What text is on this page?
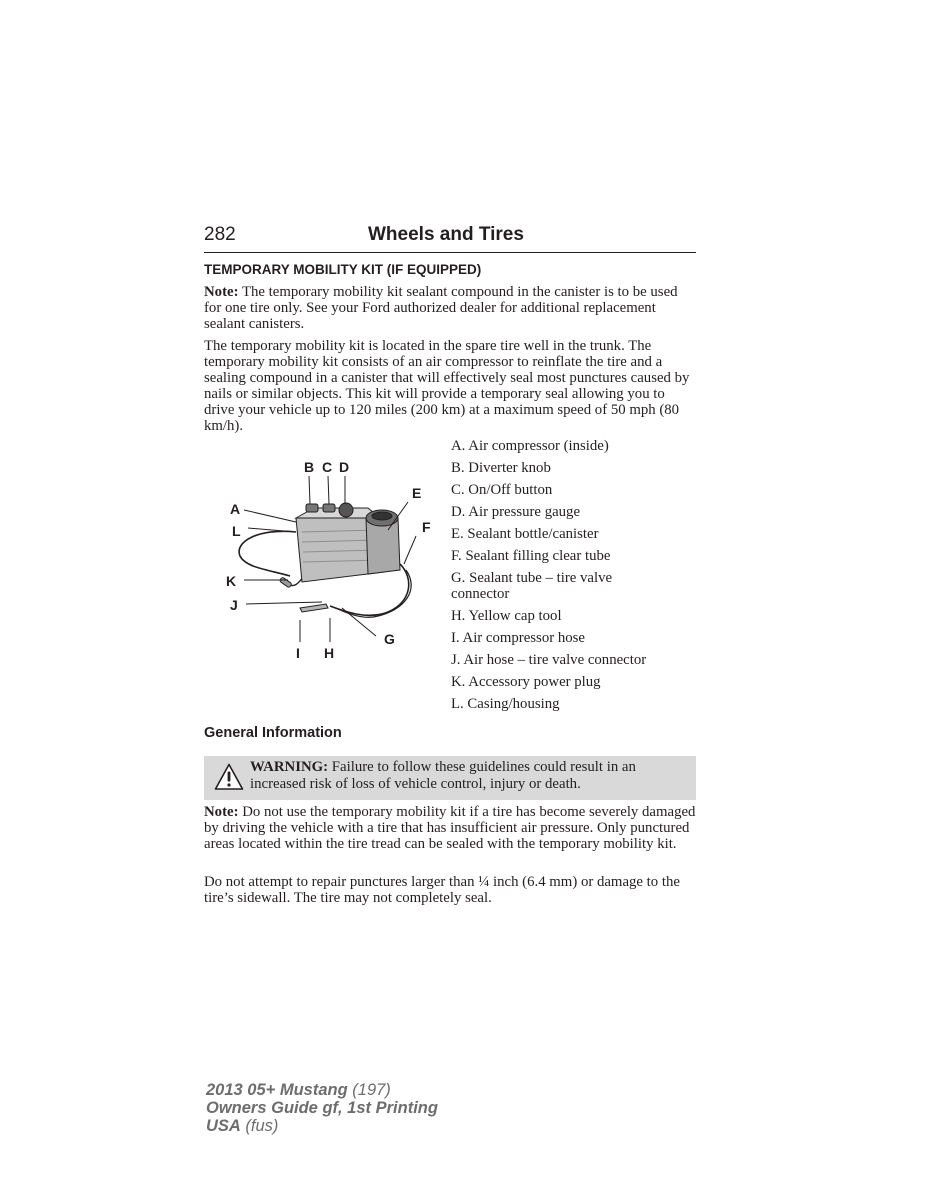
282	Wheels and Tires
TEMPORARY MOBILITY KIT (IF EQUIPPED)
Note: The temporary mobility kit sealant compound in the canister is to be used for one tire only. See your Ford authorized dealer for additional replacement sealant canisters.
The temporary mobility kit is located in the spare tire well in the trunk. The temporary mobility kit consists of an air compressor to reinflate the tire and a sealing compound in a canister that will effectively seal most punctures caused by nails or similar objects. This kit will provide a temporary seal allowing you to drive your vehicle up to 120 miles (200 km) at a maximum speed of 50 mph (80 km/h).
B C D
E
A
L	F
K
J
G
I H
A. Air compressor (inside)
B. Diverter knob
C. On/Off button
D. Air pressure gauge
E. Sealant bottle/canister
F. Sealant filling clear tube
G. Sealant tube – tire valve connector
H. Yellow cap tool
I. Air compressor hose
J. Air hose – tire valve connector
K. Accessory power plug
L. Casing/housing
General Information
WARNING: Failure to follow these guidelines could result in an increased risk of loss of vehicle control, injury or death.
Note: Do not use the temporary mobility kit if a tire has become severely damaged by driving the vehicle with a tire that has insufficient air pressure. Only punctured areas located within the tire tread can be sealed with the temporary mobility kit.
Do not attempt to repair punctures larger than ¼ inch (6.4 mm) or damage to the tire’s sidewall. The tire may not completely seal.
2013 05+ Mustang (197)
Owners Guide gf, 1st Printing
USA (fus)
